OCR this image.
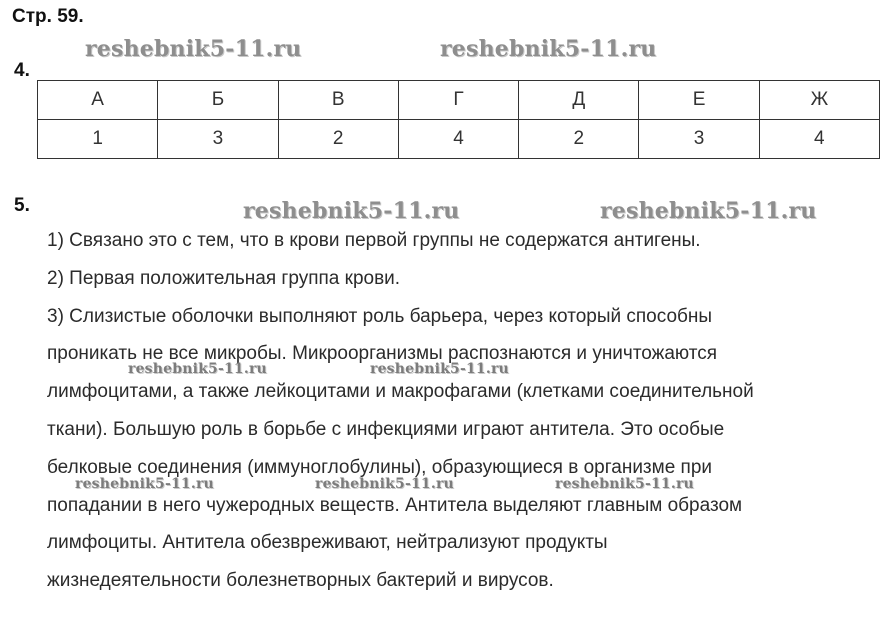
Стр. 59.
4.
reshebnik5-11.ru	reshebnik5-11.ru
А	Б	В	Г	Д	Е	Ж
1	3	2	4	2	3	4
5.	reshebnik5-11.ru	reshebnik5-11.ru
1) Связано это с тем, что в крови первой группы не содержатся антигены.
2) Первая положительная группа крови.
3) Слизистые оболочки выполняют роль барьера, через который способны
проникать не все микробы. Микроорганизмы распознаются и уничтожаются
лимфоцитами, а также лейкоцитами и макрофагами (клетками соединительной
ткани). Большую роль в борьбе с инфекциями играют антитела. Это особые
белковые соединения (иммуноглобулины), образующиеся в организме при
попадании в него чужеродных веществ. Антитела выделяют главным образом
лимфоциты. Антитела обезвреживают, нейтрализуют продукты
жизнедеятельности болезнетворных бактерий и вирусов.
reshebnik5-11.ru	reshebnik5-11.ru
reshebnik5-11.ru	reshebnik5-11.ru	reshebnik5-11.ru
